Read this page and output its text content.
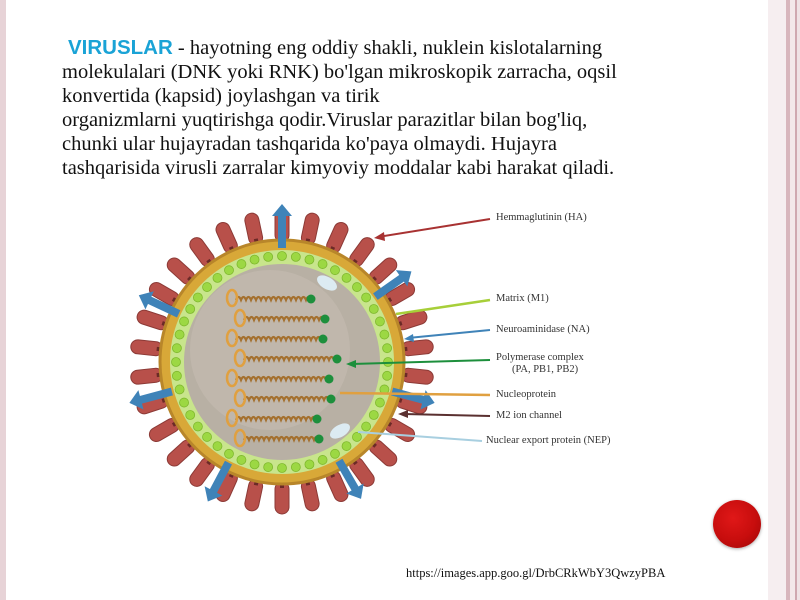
VIRUSLAR - hayotning eng oddiy shakli, nuklein kislotalarning
molekulalari (DNK yoki RNK) bo'lgan mikroskopik zarracha, oqsil
konvertida (kapsid) joylashgan va tirik
organizmlarni yuqtirishga qodir.Viruslar parazitlar bilan bog'liq,
chunki ular hujayradan tashqarida ko'paya olmaydi. Hujayra
tashqarisida virusli zarralar kimyoviy moddalar kabi harakat qiladi.
Hemmaglutinin (HA)
Matrix (M1)
Neuroaminidase (NA)
Polymerase complex
(PA, PB1, PB2)
Nucleoprotein
M2 ion channel
Nuclear export protein (NEP)
https://images.app.goo.gl/DrbCRkWbY3QwzyPBA
